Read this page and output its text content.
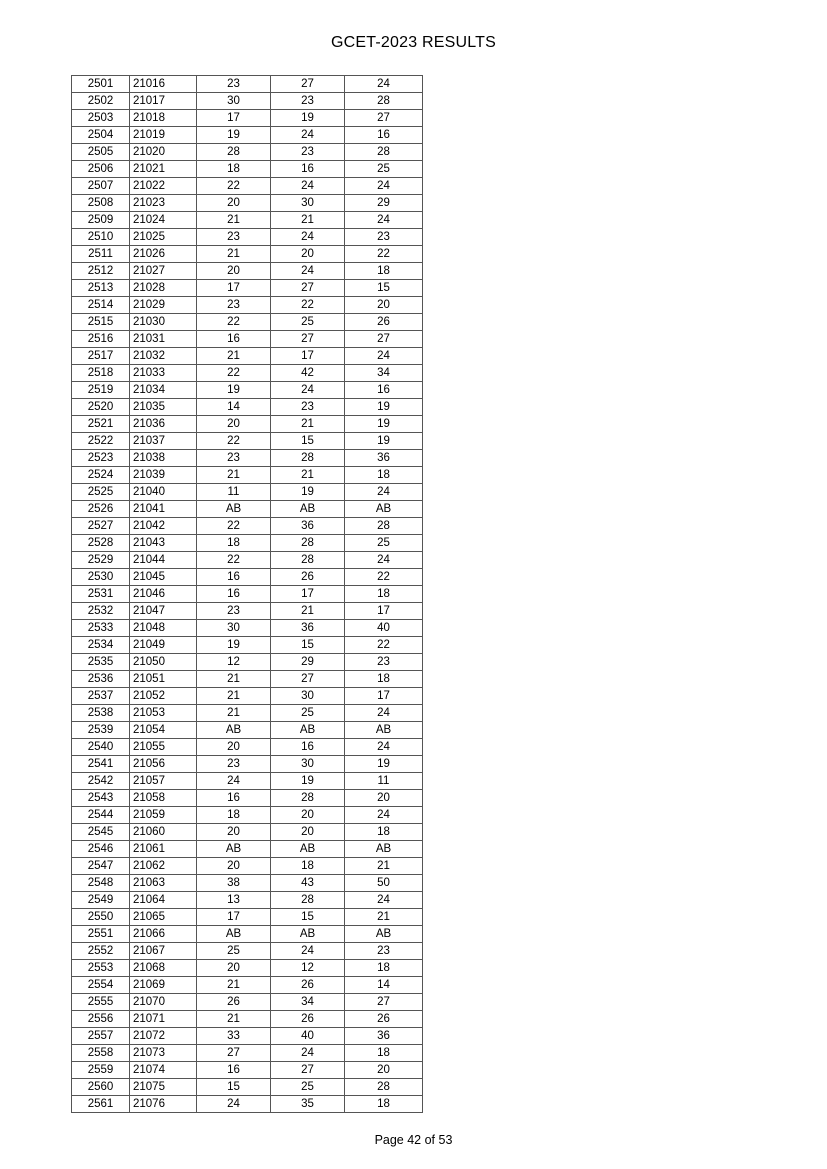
GCET-2023 RESULTS
2501	21016	23	27	24
2502	21017	30	23	28
2503	21018	17	19	27
2504	21019	19	24	16
2505	21020	28	23	28
2506	21021	18	16	25
2507	21022	22	24	24
2508	21023	20	30	29
2509	21024	21	21	24
2510	21025	23	24	23
2511	21026	21	20	22
2512	21027	20	24	18
2513	21028	17	27	15
2514	21029	23	22	20
2515	21030	22	25	26
2516	21031	16	27	27
2517	21032	21	17	24
2518	21033	22	42	34
2519	21034	19	24	16
2520	21035	14	23	19
2521	21036	20	21	19
2522	21037	22	15	19
2523	21038	23	28	36
2524	21039	21	21	18
2525	21040	11	19	24
2526	21041	AB	AB	AB
2527	21042	22	36	28
2528	21043	18	28	25
2529	21044	22	28	24
2530	21045	16	26	22
2531	21046	16	17	18
2532	21047	23	21	17
2533	21048	30	36	40
2534	21049	19	15	22
2535	21050	12	29	23
2536	21051	21	27	18
2537	21052	21	30	17
2538	21053	21	25	24
2539	21054	AB	AB	AB
2540	21055	20	16	24
2541	21056	23	30	19
2542	21057	24	19	11
2543	21058	16	28	20
2544	21059	18	20	24
2545	21060	20	20	18
2546	21061	AB	AB	AB
2547	21062	20	18	21
2548	21063	38	43	50
2549	21064	13	28	24
2550	21065	17	15	21
2551	21066	AB	AB	AB
2552	21067	25	24	23
2553	21068	20	12	18
2554	21069	21	26	14
2555	21070	26	34	27
2556	21071	21	26	26
2557	21072	33	40	36
2558	21073	27	24	18
2559	21074	16	27	20
2560	21075	15	25	28
2561	21076	24	35	18
Page 42 of 53
